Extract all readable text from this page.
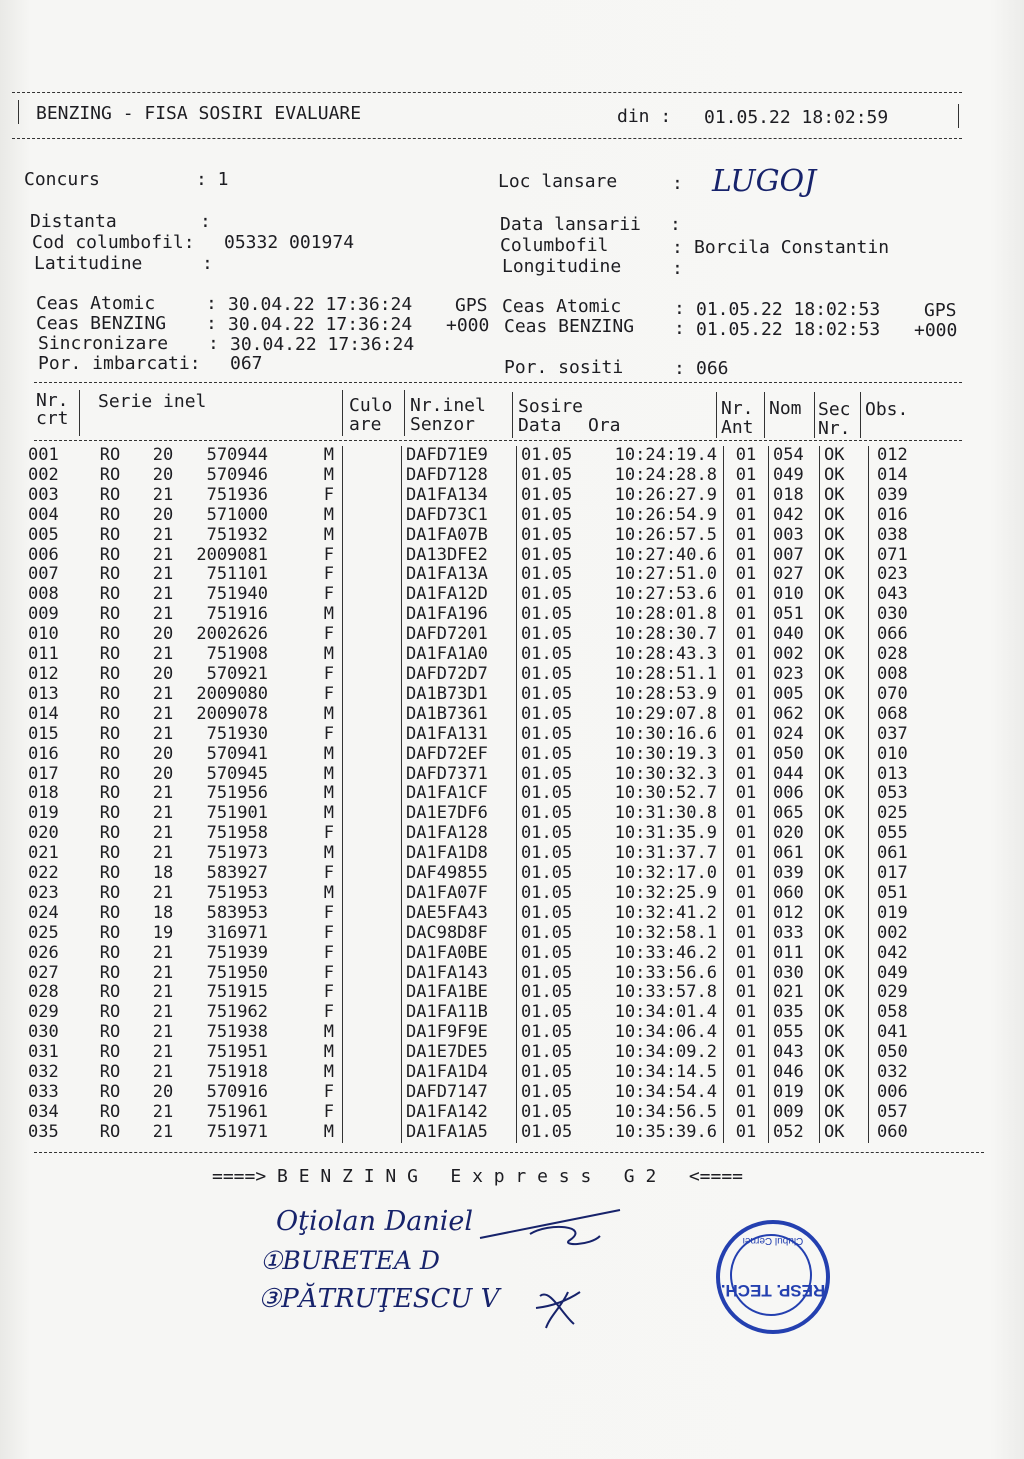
BENZING - FISA SOSIRI EVALUARE	din : 01.05.22 18:02:59
Concurs	: 1	Loc lansare	: LUGOJ
Distanta	:
Cod columbofil: 05332 001974
Latitudine	:
Data lansarii :
Columbofil	: Borcila Constantin
Longitudine	:
Ceas Atomic	: 30.04.22 17:36:24 GPS Ceas Atomic	: 01.05.22 18:02:53 GPS
Ceas BENZING : 30.04.22 17:36:24 +000 Ceas BENZING : 01.05.22 18:02:53 +000
Sincronizare : 30.04.22 17:36:24
Por. imbarcati: 067	Por. sositi	: 066
Nr.
crt
Serie inel	Culo
are
Nr.inel
Senzor
Sosire
Data Ora
Nr.
Ant
Nom Sec
Nr.
Obs.
001	RO	20	570944	M		DAFD71E9	01.05	10:24:19.4	01	054	OK	012
002	RO	20	570946	M		DAFD7128	01.05	10:24:28.8	01	049	OK	014
003	RO	21	751936	F		DA1FA134	01.05	10:26:27.9	01	018	OK	039
004	RO	20	571000	M		DAFD73C1	01.05	10:26:54.9	01	042	OK	016
005	RO	21	751932	M		DA1FA07B	01.05	10:26:57.5	01	003	OK	038
006	RO	21	2009081	F		DA13DFE2	01.05	10:27:40.6	01	007	OK	071
007	RO	21	751101	F		DA1FA13A	01.05	10:27:51.0	01	027	OK	023
008	RO	21	751940	F		DA1FA12D	01.05	10:27:53.6	01	010	OK	043
009	RO	21	751916	M		DA1FA196	01.05	10:28:01.8	01	051	OK	030
010	RO	20	2002626	F		DAFD7201	01.05	10:28:30.7	01	040	OK	066
011	RO	21	751908	M		DA1FA1A0	01.05	10:28:43.3	01	002	OK	028
012	RO	20	570921	F		DAFD72D7	01.05	10:28:51.1	01	023	OK	008
013	RO	21	2009080	F		DA1B73D1	01.05	10:28:53.9	01	005	OK	070
014	RO	21	2009078	M		DA1B7361	01.05	10:29:07.8	01	062	OK	068
015	RO	21	751930	F		DA1FA131	01.05	10:30:16.6	01	024	OK	037
016	RO	20	570941	M		DAFD72EF	01.05	10:30:19.3	01	050	OK	010
017	RO	20	570945	M		DAFD7371	01.05	10:30:32.3	01	044	OK	013
018	RO	21	751956	M		DA1FA1CF	01.05	10:30:52.7	01	006	OK	053
019	RO	21	751901	M		DA1E7DF6	01.05	10:31:30.8	01	065	OK	025
020	RO	21	751958	F		DA1FA128	01.05	10:31:35.9	01	020	OK	055
021	RO	21	751973	M		DA1FA1D8	01.05	10:31:37.7	01	061	OK	061
022	RO	18	583927	F		DAF49855	01.05	10:32:17.0	01	039	OK	017
023	RO	21	751953	M		DA1FA07F	01.05	10:32:25.9	01	060	OK	051
024	RO	18	583953	F		DAE5FA43	01.05	10:32:41.2	01	012	OK	019
025	RO	19	316971	F		DAC98D8F	01.05	10:32:58.1	01	033	OK	002
026	RO	21	751939	F		DA1FA0BE	01.05	10:33:46.2	01	011	OK	042
027	RO	21	751950	F		DA1FA143	01.05	10:33:56.6	01	030	OK	049
028	RO	21	751915	F		DA1FA1BE	01.05	10:33:57.8	01	021	OK	029
029	RO	21	751962	F		DA1FA11B	01.05	10:34:01.4	01	035	OK	058
030	RO	21	751938	M		DA1F9F9E	01.05	10:34:06.4	01	055	OK	041
031	RO	21	751951	M		DA1E7DE5	01.05	10:34:09.2	01	043	OK	050
032	RO	21	751918	M		DA1FA1D4	01.05	10:34:14.5	01	046	OK	032
033	RO	20	570916	F		DAFD7147	01.05	10:34:54.4	01	019	OK	006
034	RO	21	751961	F		DA1FA142	01.05	10:34:56.5	01	009	OK	057
035	RO	21	751971	M		DA1FA1A5	01.05	10:35:39.6	01	052	OK	060
====> B E N Z I N G   E x p r e s s   G 2   <====
Oţiolan Daniel
①BURETEA D
③PĂTRUŢESCU V	RESP. TECH.
Clubul Cernei
